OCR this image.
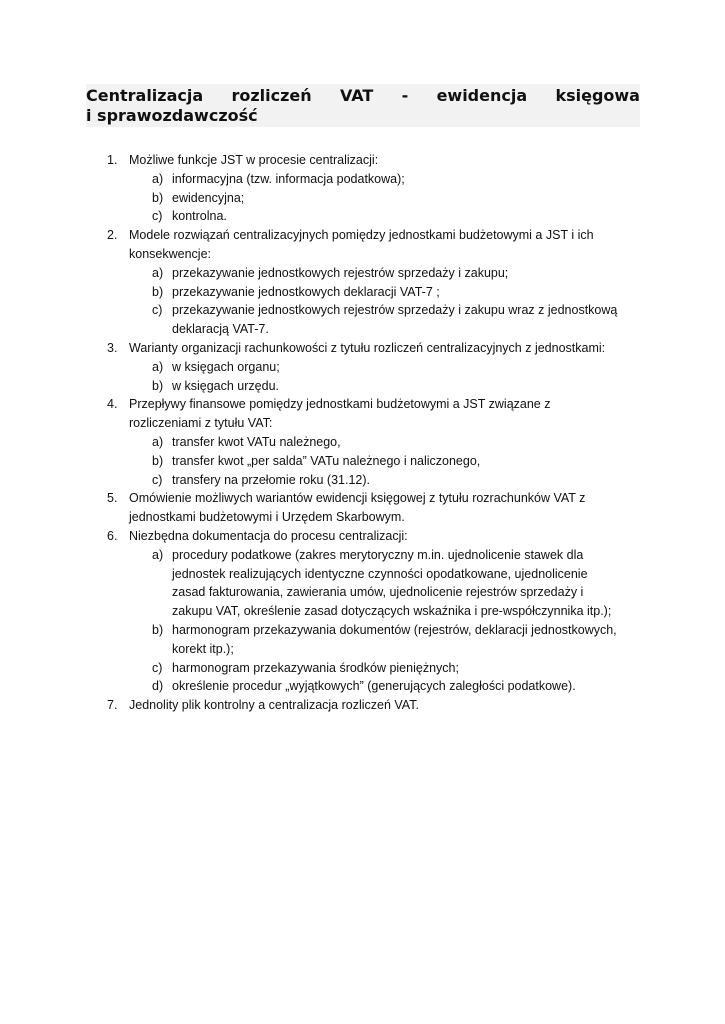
Centralizacja rozliczeń VAT - ewidencja księgowa
i sprawozdawczość
1. Możliwe funkcje JST w procesie centralizacji:
a) informacyjna (tzw. informacja podatkowa);
b) ewidencyjna;
c) kontrolna.
2. Modele rozwiązań centralizacyjnych pomiędzy jednostkami budżetowymi a JST i ich konsekwencje:
a) przekazywanie jednostkowych rejestrów sprzedaży i zakupu;
b) przekazywanie jednostkowych deklaracji VAT-7 ;
c) przekazywanie jednostkowych rejestrów sprzedaży i zakupu wraz z jednostkową deklaracją VAT-7.
3. Warianty organizacji rachunkowości z tytułu rozliczeń centralizacyjnych z jednostkami:
a) w księgach organu;
b) w księgach urzędu.
4. Przepływy finansowe pomiędzy jednostkami budżetowymi a JST związane z rozliczeniami z tytułu VAT:
a) transfer kwot VATu należnego,
b) transfer kwot „per salda” VATu należnego i naliczonego,
c) transfery na przełomie roku (31.12).
5. Omówienie możliwych wariantów ewidencji księgowej z tytułu rozrachunków VAT z jednostkami budżetowymi i Urzędem Skarbowym.
6. Niezbędna dokumentacja do procesu centralizacji:
a) procedury podatkowe (zakres merytoryczny m.in. ujednolicenie stawek dla jednostek realizujących identyczne czynności opodatkowane, ujednolicenie zasad fakturowania, zawierania umów, ujednolicenie rejestrów sprzedaży i zakupu VAT, określenie zasad dotyczących wskaźnika i pre-współczynnika itp.);
b) harmonogram przekazywania dokumentów (rejestrów, deklaracji jednostkowych, korekt itp.);
c) harmonogram przekazywania środków pieniężnych;
d) określenie procedur „wyjątkowych” (generujących zaległości podatkowe).
7. Jednolity plik kontrolny a centralizacja rozliczeń VAT.
